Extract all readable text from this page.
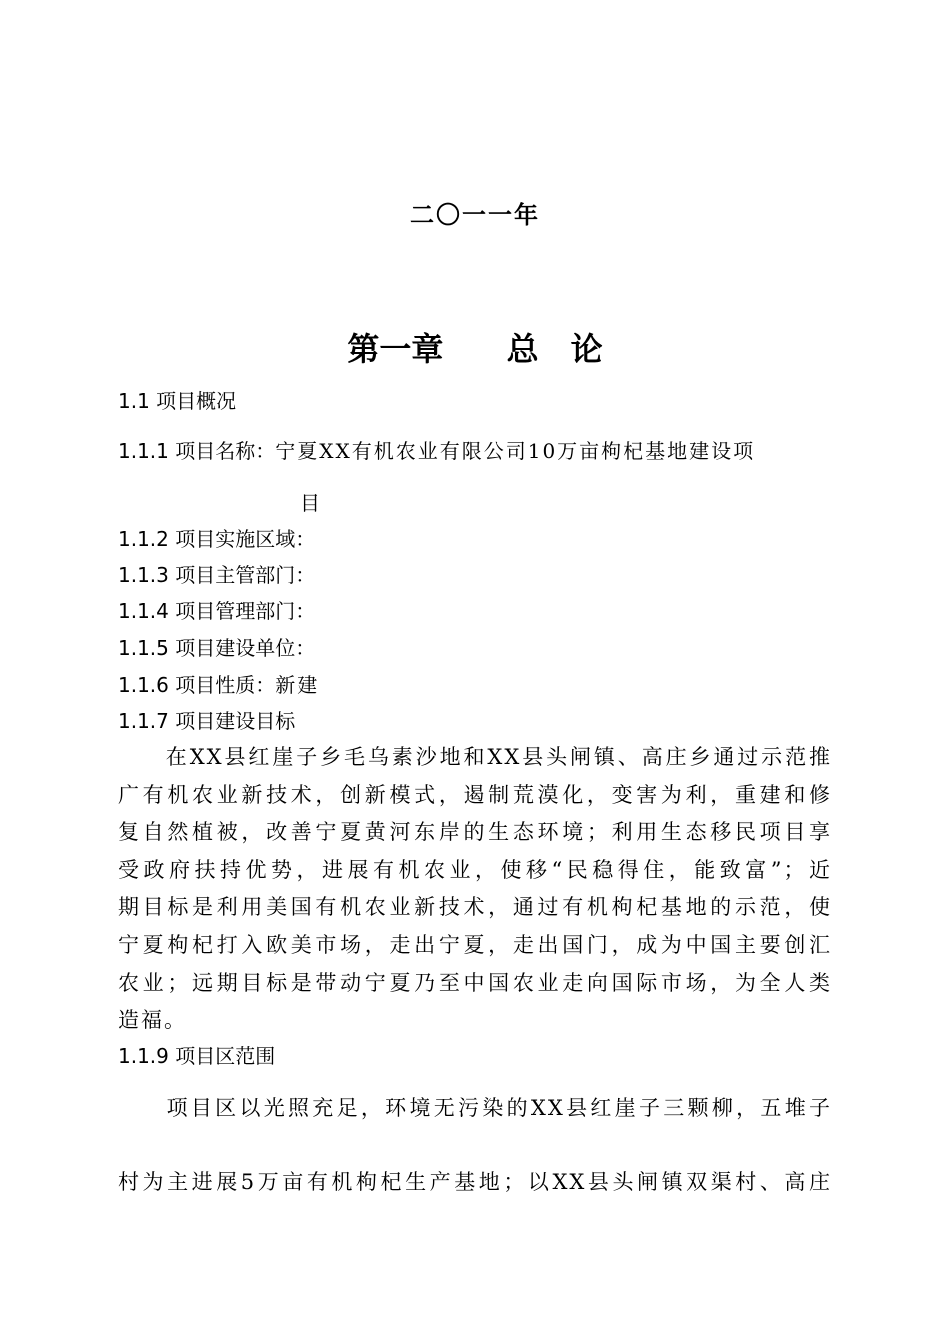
二〇一一年
第一章 总　论
1.1 项目概况
1.1.1 项目名称：宁夏XX有机农业有限公司10万亩枸杞基地建设项
目
1.1.2 项目实施区域：
1.1.3 项目主管部门：
1.1.4 项目管理部门：
1.1.5 项目建设单位：
1.1.6 项目性质：新建
1.1.7 项目建设目标
　　在XX县红崖子乡毛乌素沙地和XX县头闸镇、高庄乡通过示范推
广有机农业新技术，创新模式，遏制荒漠化，变害为利，重建和修
复自然植被，改善宁夏黄河东岸的生态环境；利用生态移民项目享
受政府扶持优势，进展有机农业，使移“民稳得住，能致富”；近
期目标是利用美国有机农业新技术，通过有机枸杞基地的示范，使
宁夏枸杞打入欧美市场，走出宁夏，走出国门，成为中国主要创汇
农业；远期目标是带动宁夏乃至中国农业走向国际市场，为全人类
造福。
1.1.9 项目区范围
　　项目区以光照充足，环境无污染的XX县红崖子三颗柳，五堆子
村为主进展5万亩有机枸杞生产基地；以XX县头闸镇双渠村、高庄
